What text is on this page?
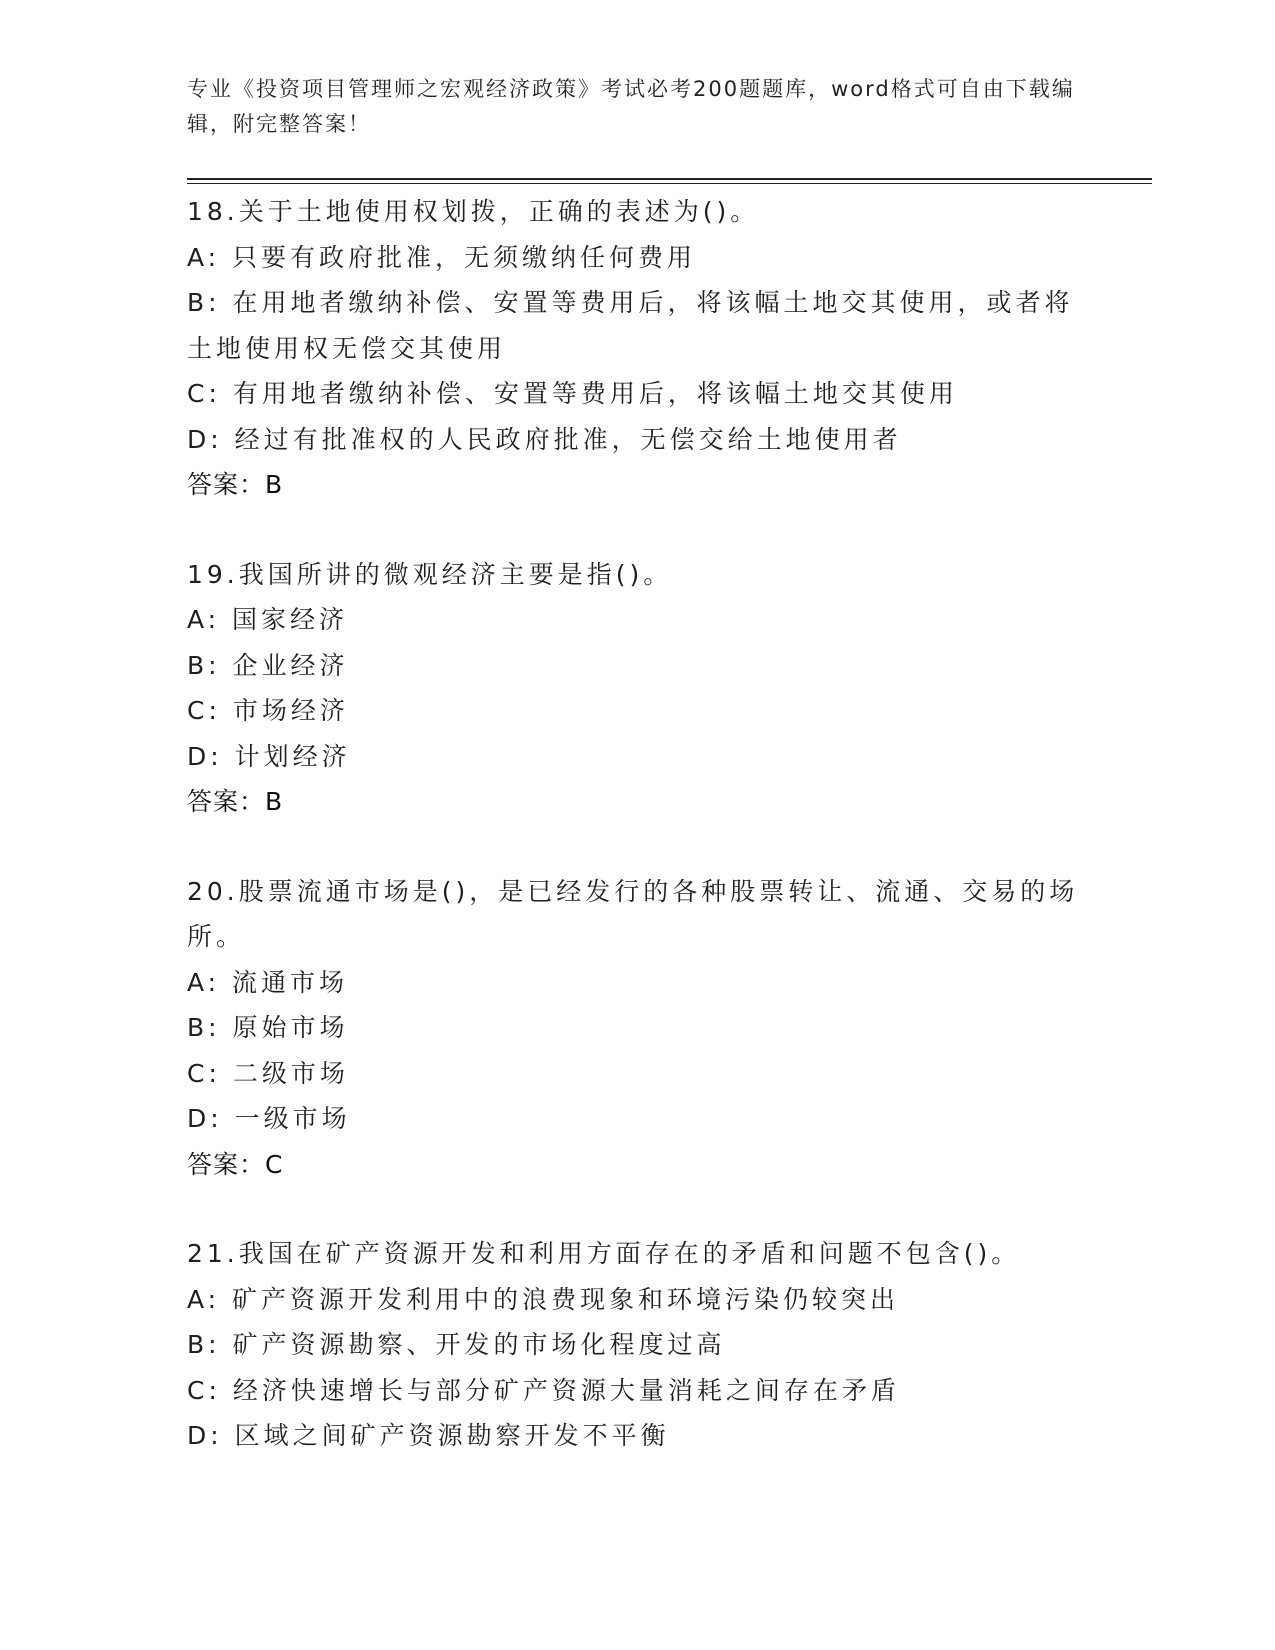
专业《投资项目管理师之宏观经济政策》考试必考200题题库，word格式可自由下载编辑，附完整答案！
18.关于土地使用权划拨，正确的表述为()。
A: 只要有政府批准，无须缴纳任何费用
B: 在用地者缴纳补偿、安置等费用后，将该幅土地交其使用，或者将土地使用权无偿交其使用
C: 有用地者缴纳补偿、安置等费用后，将该幅土地交其使用
D: 经过有批准权的人民政府批准，无偿交给土地使用者
答案：B
19.我国所讲的微观经济主要是指()。
A: 国家经济
B: 企业经济
C: 市场经济
D: 计划经济
答案：B
20.股票流通市场是()，是已经发行的各种股票转让、流通、交易的场所。
A: 流通市场
B: 原始市场
C: 二级市场
D: 一级市场
答案：C
21.我国在矿产资源开发和利用方面存在的矛盾和问题不包含()。
A: 矿产资源开发利用中的浪费现象和环境污染仍较突出
B: 矿产资源勘察、开发的市场化程度过高
C: 经济快速增长与部分矿产资源大量消耗之间存在矛盾
D: 区域之间矿产资源勘察开发不平衡
